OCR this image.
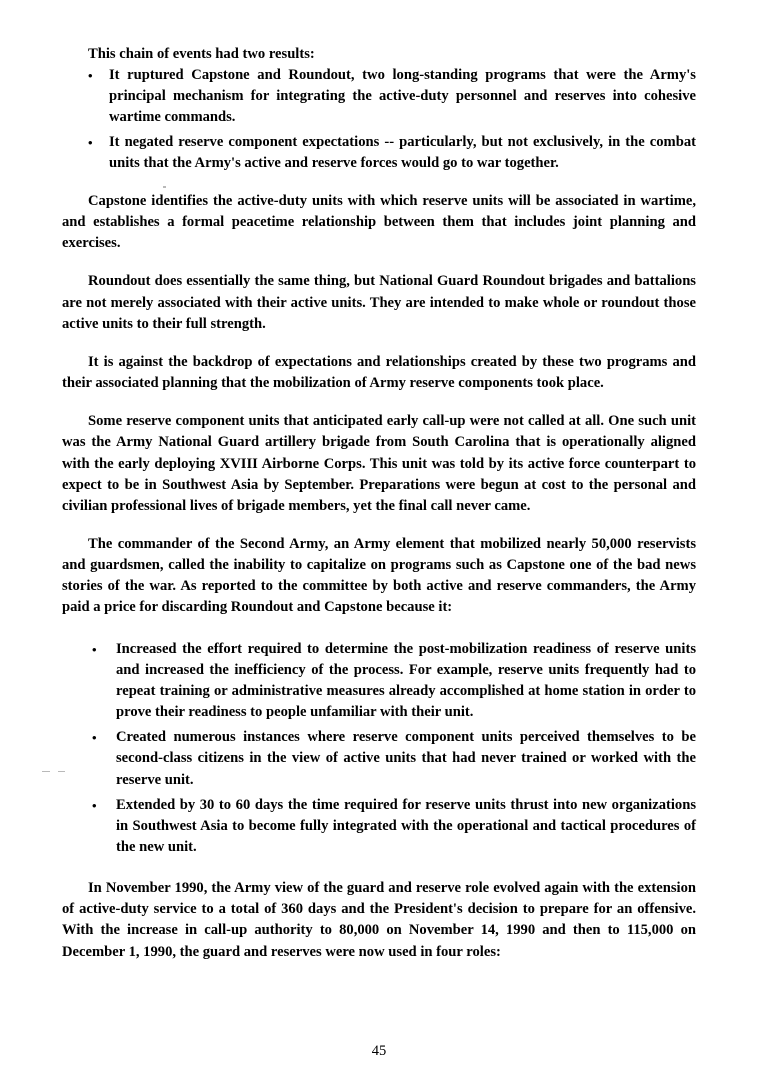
This chain of events had two results:

• It ruptured Capstone and Roundout, two long-standing programs that were the Army's principal mechanism for integrating the active-duty personnel and reserves into cohesive wartime commands.
• It negated reserve component expectations -- particularly, but not exclusively, in the combat units that the Army's active and reserve forces would go to war together.

Capstone identifies the active-duty units with which reserve units will be associated in wartime, and establishes a formal peacetime relationship between them that includes joint planning and exercises.

Roundout does essentially the same thing, but National Guard Roundout brigades and battalions are not merely associated with their active units. They are intended to make whole or roundout those active units to their full strength.

It is against the backdrop of expectations and relationships created by these two programs and their associated planning that the mobilization of Army reserve components took place.

Some reserve component units that anticipated early call-up were not called at all. One such unit was the Army National Guard artillery brigade from South Carolina that is operationally aligned with the early deploying XVIII Airborne Corps. This unit was told by its active force counterpart to expect to be in Southwest Asia by September. Preparations were begun at cost to the personal and civilian professional lives of brigade members, yet the final call never came.

The commander of the Second Army, an Army element that mobilized nearly 50,000 reservists and guardsmen, called the inability to capitalize on programs such as Capstone one of the bad news stories of the war. As reported to the committee by both active and reserve commanders, the Army paid a price for discarding Roundout and Capstone because it:

• Increased the effort required to determine the post-mobilization readiness of reserve units and increased the inefficiency of the process. For example, reserve units frequently had to repeat training or administrative measures already accomplished at home station in order to prove their readiness to people unfamiliar with their unit.
• Created numerous instances where reserve component units perceived themselves to be second-class citizens in the view of active units that had never trained or worked with the reserve unit.
• Extended by 30 to 60 days the time required for reserve units thrust into new organizations in Southwest Asia to become fully integrated with the operational and tactical procedures of the new unit.

In November 1990, the Army view of the guard and reserve role evolved again with the extension of active-duty service to a total of 360 days and the President's decision to prepare for an offensive. With the increase in call-up authority to 80,000 on November 14, 1990 and then to 115,000 on December 1, 1990, the guard and reserves were now used in four roles:

45
